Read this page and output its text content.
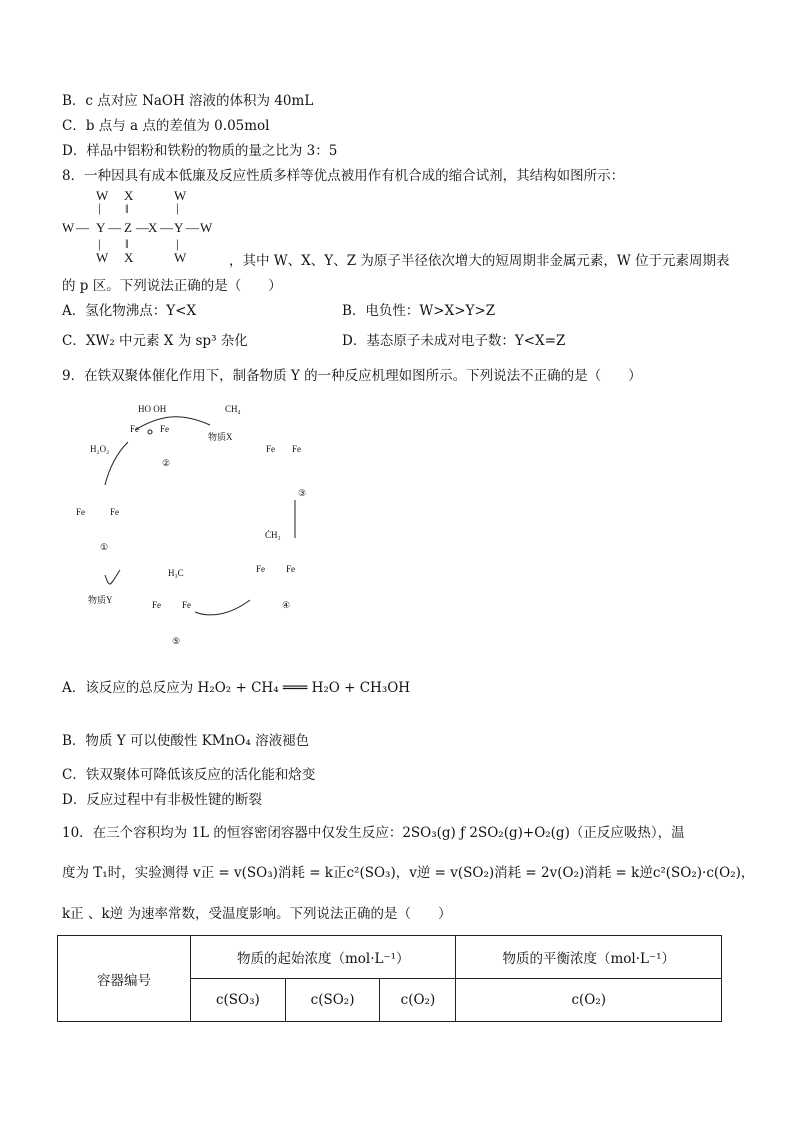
B．c 点对应 NaOH 溶液的体积为 40mL
C．b 点与 a 点的差值为 0.05mol
D．样品中铝粉和铁粉的物质的量之比为 3：5
8．一种因具有成本低廉及反应性质多样等优点被用作有机合成的缩合试剂，其结构如图所示：
W
|
W — Y — Z — X — Y — W
|
W
X
‖
‖
X
W
|
|
W	，其中 W、X、Y、Z 为原子半径依次增大的短周期非金属元素，W 位于元素周期表
的 p 区。下列说法正确的是（　　）
A．氢化物沸点：Y<X	B．电负性：W>X>Y>Z
C．XW₂ 中元素 X 为 sp³ 杂化	D．基态原子未成对电子数：Y<X=Z
9．在铁双聚体催化作用下，制备物质 Y 的一种反应机理如图所示。下列说法不正确的是（　　）
HO OH
Fe Fe
②
CH₄
物质X
Fe Fe
③
H₂O₂
Fe	Fe
①
ĊH₃
Fe Fe
④
H₃C
Fe Fe
⑤
物质Y
A．该反应的总反应为 H₂O₂ + CH₄ ═══ H₂O + CH₃OH
B．物质 Y 可以使酸性 KMnO₄ 溶液褪色
C．铁双聚体可降低该反应的活化能和焓变
D．反应过程中有非极性键的断裂
10．在三个容积均为 1L 的恒容密闭容器中仅发生反应：2SO₃(g) ƒ 2SO₂(g)+O₂(g)（正反应吸热），温
度为 T₁时，实验测得 v正 = v(SO₃)消耗 = k正c²(SO₃)，v逆 = v(SO₂)消耗 = 2v(O₂)消耗 = k逆c²(SO₂)·c(O₂)，
k正 、k逆 为速率常数，受温度影响。下列说法正确的是（　　）
容器编号	物质的起始浓度（mol·L⁻¹）			物质的平衡浓度（mol·L⁻¹）
	c(SO₃)	c(SO₂)	c(O₂)	c(O₂)
